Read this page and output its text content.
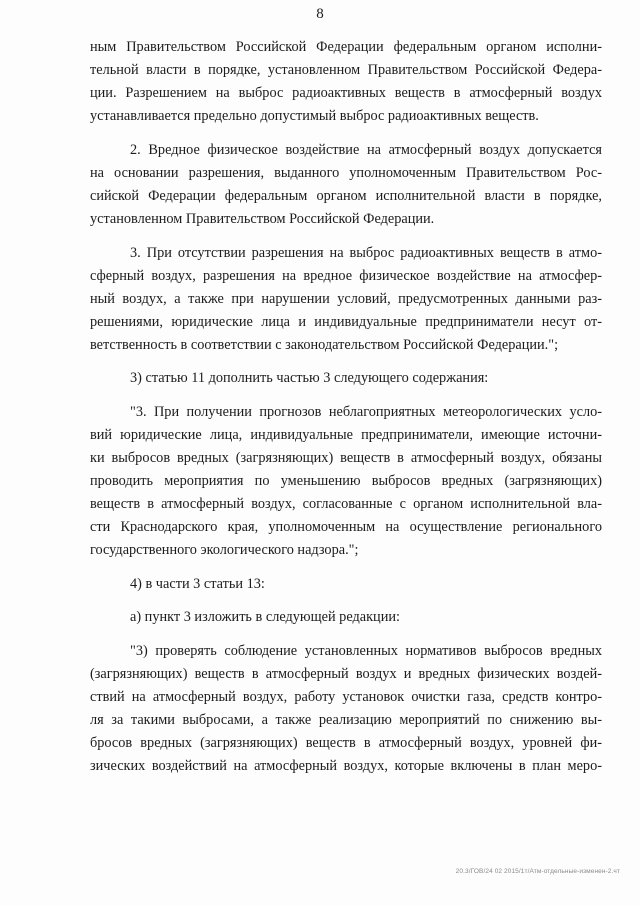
8
ным Правительством Российской Федерации федеральным органом исполни-
тельной власти в порядке, установленном Правительством Российской Федера-
ции. Разрешением на выброс радиоактивных веществ в атмосферный воздух
устанавливается предельно допустимый выброс радиоактивных веществ.
2. Вредное физическое воздействие на атмосферный воздух допускается
на основании разрешения, выданного уполномоченным Правительством Рос-
сийской Федерации федеральным органом исполнительной власти в порядке,
установленном Правительством Российской Федерации.
3. При отсутствии разрешения на выброс радиоактивных веществ в атмо-
сферный воздух, разрешения на вредное физическое воздействие на атмосфер-
ный воздух, а также при нарушении условий, предусмотренных данными раз-
решениями, юридические лица и индивидуальные предприниматели несут от-
ветственность в соответствии с законодательством Российской Федерации.";
3) статью 11 дополнить частью 3 следующего содержания:
"3. При получении прогнозов неблагоприятных метеорологических усло-
вий юридические лица, индивидуальные предприниматели, имеющие источни-
ки выбросов вредных (загрязняющих) веществ в атмосферный воздух, обязаны
проводить мероприятия по уменьшению выбросов вредных (загрязняющих)
веществ в атмосферный воздух, согласованные с органом исполнительной вла-
сти Краснодарского края, уполномоченным на осуществление регионального
государственного экологического надзора.";
4) в части 3 статьи 13:
а) пункт 3 изложить в следующей редакции:
"3) проверять соблюдение установленных нормативов выбросов вредных
(загрязняющих) веществ в атмосферный воздух и вредных физических воздей-
ствий на атмосферный воздух, работу установок очистки газа, средств контро-
ля за такими выбросами, а также реализацию мероприятий по снижению вы-
бросов вредных (загрязняющих) веществ в атмосферный воздух, уровней фи-
зических воздействий на атмосферный воздух, которые включены в план меро-
20.3/ГОВ/24 02 2015/1т/Атм-отдельные-изменен-2.чт
